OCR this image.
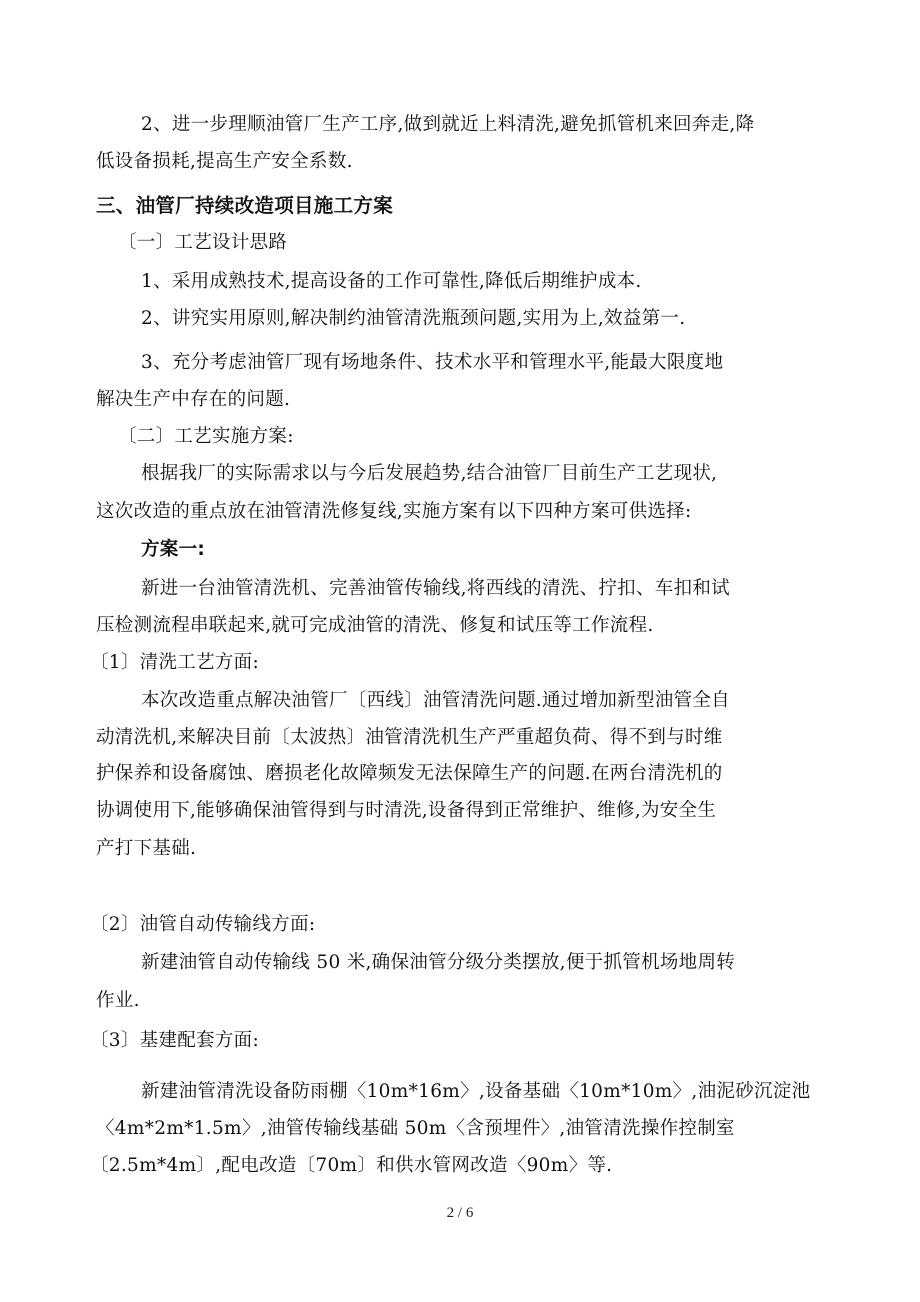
2、进一步理顺油管厂生产工序,做到就近上料清洗,避免抓管机来回奔走,降
低设备损耗,提高生产安全系数.
三、油管厂持续改造项目施工方案
〔一〕工艺设计思路
1、采用成熟技术,提高设备的工作可靠性,降低后期维护成本.
2、讲究实用原则,解决制约油管清洗瓶颈问题,实用为上,效益第一.
3、充分考虑油管厂现有场地条件、技术水平和管理水平,能最大限度地
解决生产中存在的问题.
〔二〕工艺实施方案:
根据我厂的实际需求以与今后发展趋势,结合油管厂目前生产工艺现状,
这次改造的重点放在油管清洗修复线,实施方案有以下四种方案可供选择:
方案一:
新进一台油管清洗机、完善油管传输线,将西线的清洗、拧扣、车扣和试
压检测流程串联起来,就可完成油管的清洗、修复和试压等工作流程.
〔1〕清洗工艺方面:
本次改造重点解决油管厂〔西线〕油管清洗问题.通过增加新型油管全自
动清洗机,来解决目前〔太波热〕油管清洗机生产严重超负荷、得不到与时维
护保养和设备腐蚀、磨损老化故障频发无法保障生产的问题.在两台清洗机的
协调使用下,能够确保油管得到与时清洗,设备得到正常维护、维修,为安全生
产打下基础.
〔2〕油管自动传输线方面:
新建油管自动传输线 50 米,确保油管分级分类摆放,便于抓管机场地周转
作业.
〔3〕基建配套方面:
新建油管清洗设备防雨棚〈10m*16m〉,设备基础〈10m*10m〉,油泥砂沉淀池
〈4m*2m*1.5m〉,油管传输线基础 50m〈含预埋件〉,油管清洗操作控制室
〔2.5m*4m〕,配电改造〔70m〕和供水管网改造〈90m〉等.
2 / 6
